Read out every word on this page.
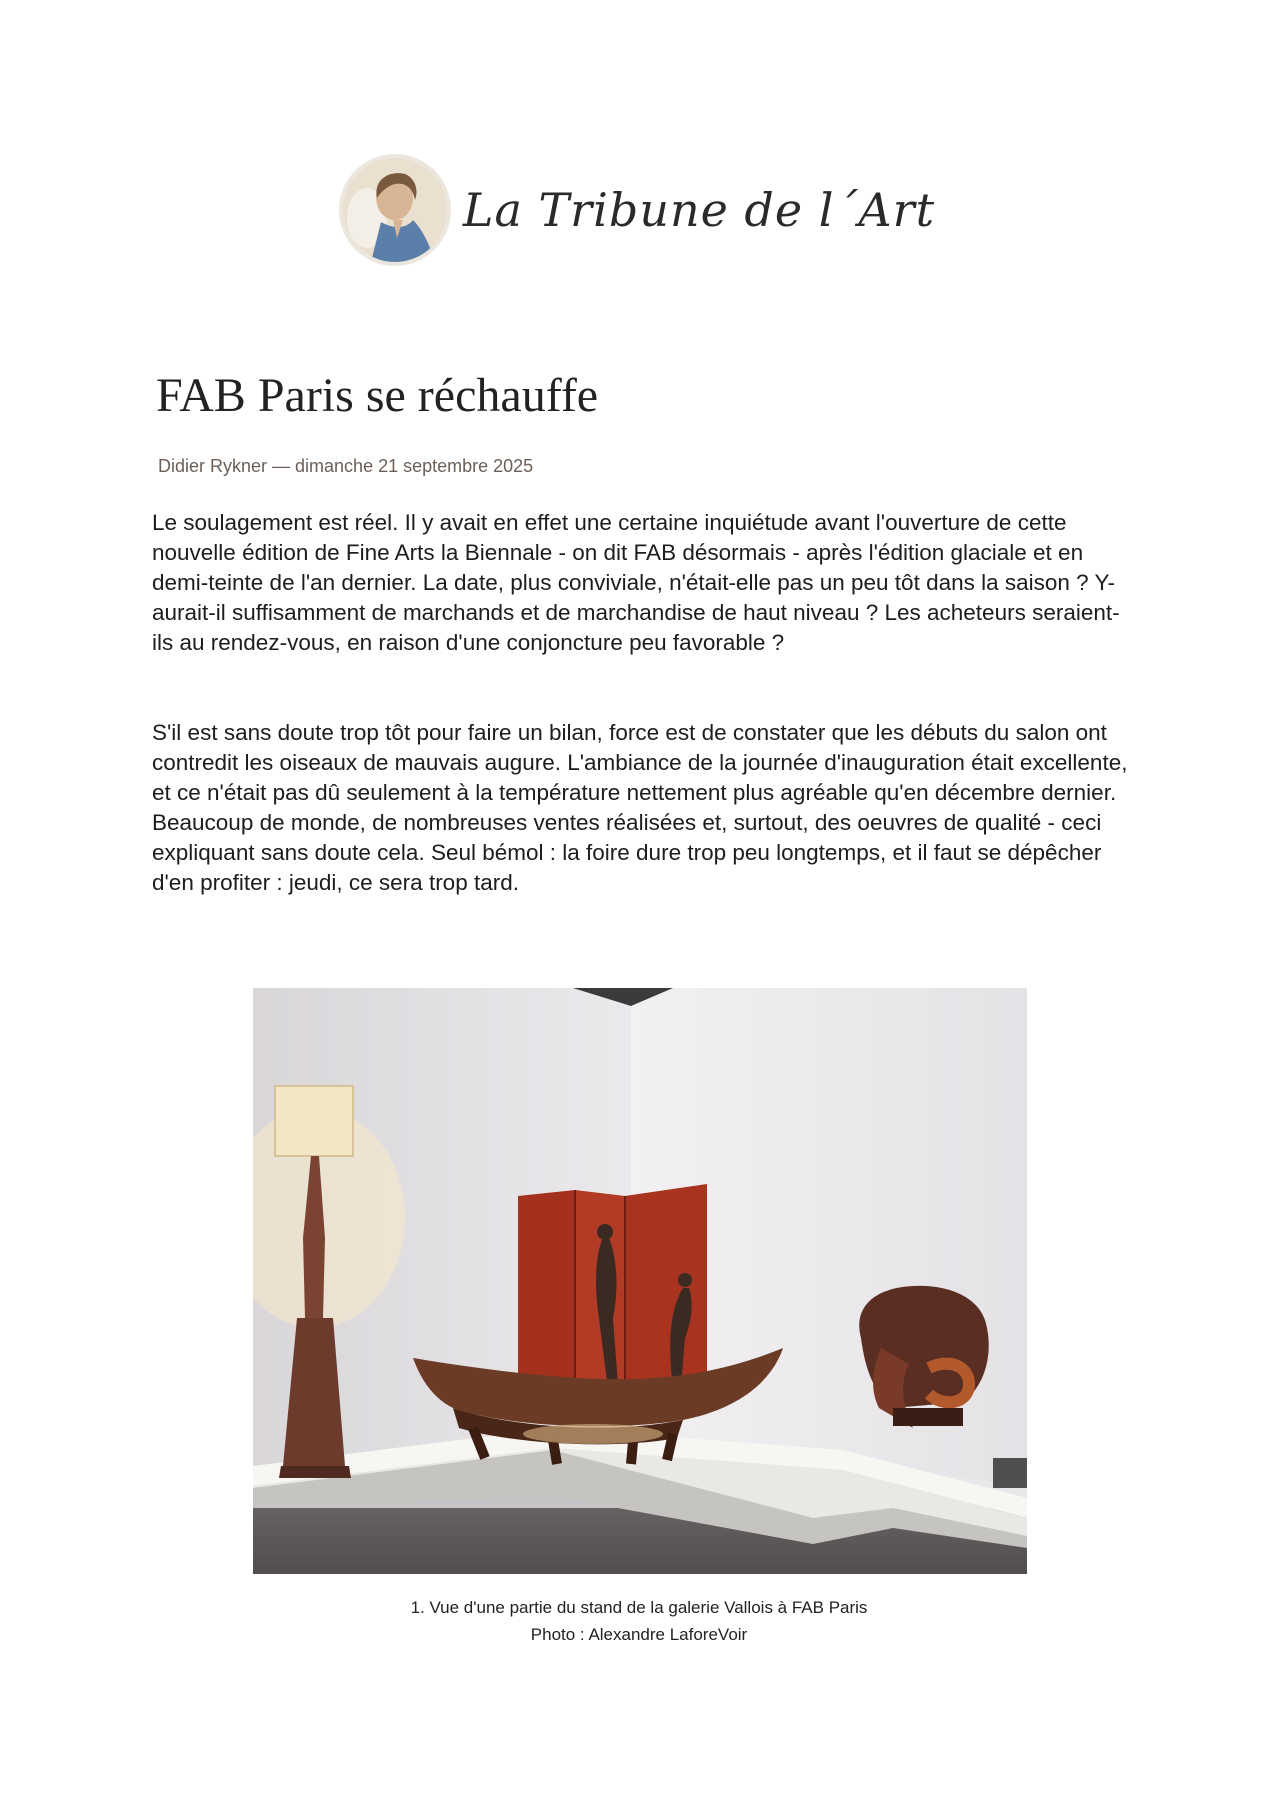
La Tribune de l´Art
FAB Paris se réchauffe
Didier Rykner — dimanche 21 septembre 2025

Le soulagement est réel. Il y avait en effet une certaine inquiétude avant l'ouverture de cette nouvelle édition de Fine Arts la Biennale - on dit FAB désormais - après l'édition glaciale et en demi-teinte de l'an dernier. La date, plus conviviale, n'était-elle pas un peu tôt dans la saison ? Y-aurait-il suffisamment de marchands et de marchandise de haut niveau ? Les acheteurs seraient-ils au rendez-vous, en raison d'une conjoncture peu favorable ?

S'il est sans doute trop tôt pour faire un bilan, force est de constater que les débuts du salon ont contredit les oiseaux de mauvais augure. L'ambiance de la journée d'inauguration était excellente, et ce n'était pas dû seulement à la température nettement plus agréable qu'en décembre dernier. Beaucoup de monde, de nombreuses ventes réalisées et, surtout, des oeuvres de qualité - ceci expliquant sans doute cela. Seul bémol : la foire dure trop peu longtemps, et il faut se dépêcher d'en profiter : jeudi, ce sera trop tard.

1. Vue d'une partie du stand de la galerie Vallois à FAB Paris
Photo : Alexandre LaforeVoir
